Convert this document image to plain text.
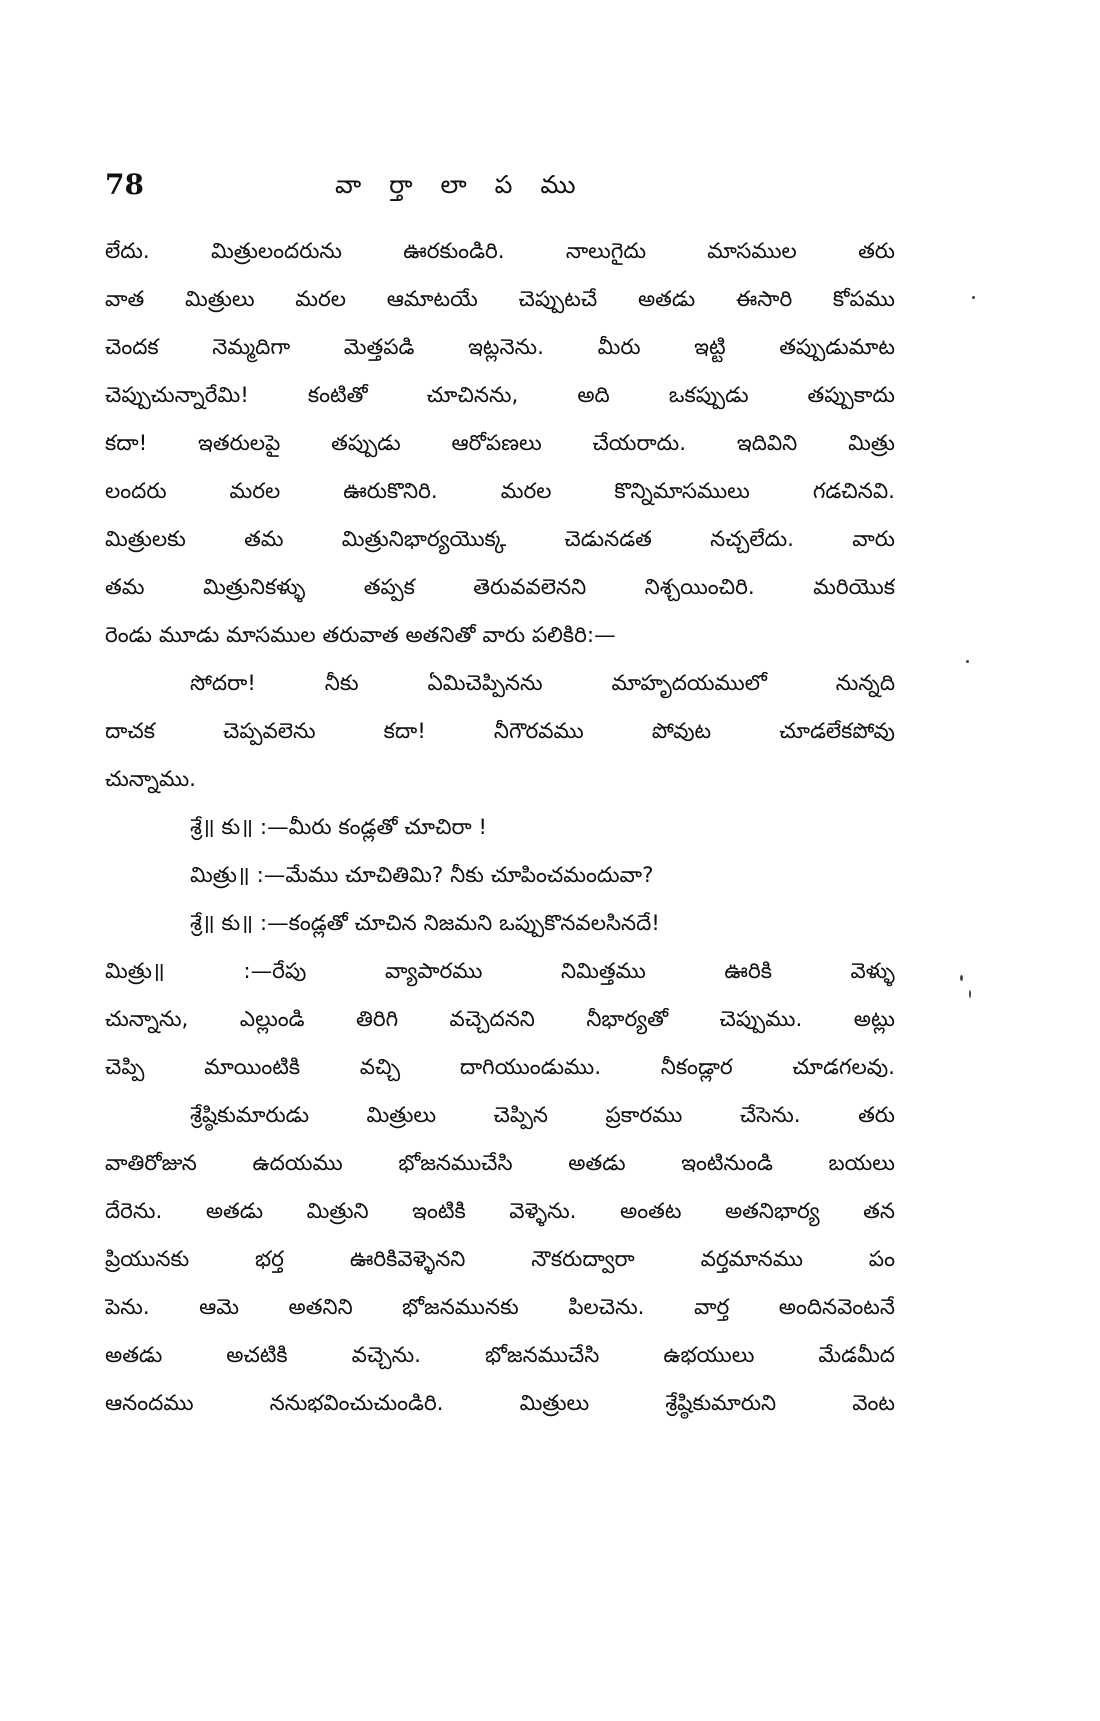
78	వా ర్తా లా ప ము
లేదు. మిత్రులందరును ఊరకుండిరి. నాలుగైదు మాసముల తరు
వాత మిత్రులు మరల ఆమాటయే చెప్పుటచే అతడు ఈసారి కోపము
చెందక నెమ్మదిగా మెత్తపడి ఇట్లనెను. మీరు ఇట్టి తప్పుడుమాట
చెప్పుచున్నారేమి! కంటితో చూచినను, అది ఒకప్పుడు తప్పుకాదు
కదా! ఇతరులపై తప్పుడు ఆరోపణలు చేయరాదు. ఇదివిని మిత్రు
లందరు మరల ఊరుకొనిరి. మరల కొన్నిమాసములు గడచినవి.
మిత్రులకు తమ మిత్రునిభార్యయొక్క చెడునడత నచ్చలేదు. వారు
తమ మిత్రునికళ్ళు తప్పక తెరువవలెనని నిశ్చయించిరి. మరియొక
రెండు మూడు మాసముల తరువాత అతనితో వారు పలికిరి:—
సోదరా! నీకు ఏమిచెప్పినను మాహృదయములో నున్నది
దాచక చెప్పవలెను కదా! నీగౌరవము పోవుట చూడలేకపోవు
చున్నాము.
శ్రే॥ కు॥ :—మీరు కండ్లతో చూచిరా !
మిత్రు॥ :—మేము చూచితిమి? నీకు చూపించమందువా?
శ్రే॥ కు॥ :—కండ్లతో చూచిన నిజమని ఒప్పుకొనవలసినదే!
మిత్రు॥ :—రేపు వ్యాపారము నిమిత్తము ఊరికి వెళ్ళు
చున్నాను, ఎల్లుండి తిరిగి వచ్చెదనని నీభార్యతో చెప్పుము. అట్లు
చెప్పి మాయింటికి వచ్చి దాగియుండుము. నీకండ్లార చూడగలవు.
శ్రేష్ఠికుమారుడు మిత్రులు చెప్పిన ప్రకారము చేసెను. తరు
వాతిరోజున ఉదయము భోజనముచేసి అతడు ఇంటినుండి బయలు
దేరెను. అతడు మిత్రుని ఇంటికి వెళ్ళెను. అంతట అతనిభార్య తన
ప్రియునకు భర్త ఊరికివెళ్ళెనని నౌకరుద్వారా వర్తమానము పం
పెను. ఆమె అతనిని భోజనమునకు పిలచెను. వార్త అందినవెంటనే
అతడు అచటికి వచ్చెను. భోజనముచేసి ఉభయులు మేడమీద
ఆనందము ననుభవించుచుండిరి. మిత్రులు శ్రేష్ఠికుమారుని వెంట
